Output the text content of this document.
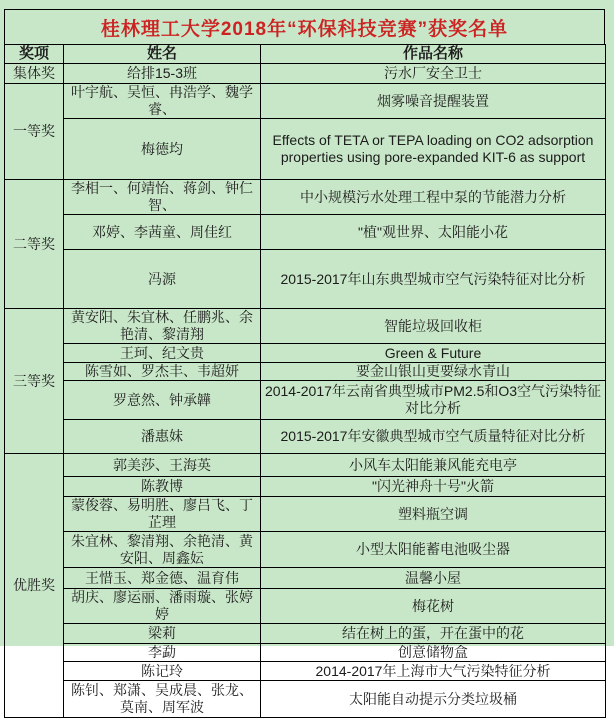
桂林理工大学2018年“环保科技竞赛”获奖名单
奖项	姓名	作品名称
集体奖	给排15-3班	污水厂安全卫士
一等奖	叶宇航、吴恒、冉浩学、魏学睿、	烟雾噪音提醒装置
	梅德均	Effects of TETA or TEPA loading on CO2 adsorption properties using pore-expanded KIT-6 as support
二等奖	李相一、何靖怡、蒋剑、钟仁智、	中小规模污水处理工程中泵的节能潜力分析
	邓婷、李茜童、周佳红	"植"观世界、太阳能小花
	冯源	2015-2017年山东典型城市空气污染特征对比分析
三等奖	黄安阳、朱宜林、任鹏兆、余艳清、黎清翔	智能垃圾回收柜
	王珂、纪文贵	Green & Future
	陈雪如、罗杰丰、韦超妍	要金山银山更要绿水青山
	罗意然、钟承韡	2014-2017年云南省典型城市PM2.5和O3空气污染特征对比分析
	潘惠妹	2015-2017年安徽典型城市空气质量特征对比分析
优胜奖	郭美莎、王海英	小风车太阳能兼风能充电亭
	陈教博	"闪光神舟十号"火箭
	蒙俊蓉、易明胜、廖吕飞、丁芷理	塑料瓶空调
	朱宜林、黎清翔、余艳清、黄安阳、周鑫妘	小型太阳能蓄电池吸尘器
	王惜玉、郑金德、温育伟	温馨小屋
	胡庆、廖运丽、潘雨璇、张婷婷	梅花树
	梁莉	结在树上的蛋，开在蛋中的花
	李勐	创意储物盒
	陈记玲	2014-2017年上海市大气污染特征分析
	陈钊、郑潇、吴成晨、张龙、莫南、周军波	太阳能自动提示分类垃圾桶
